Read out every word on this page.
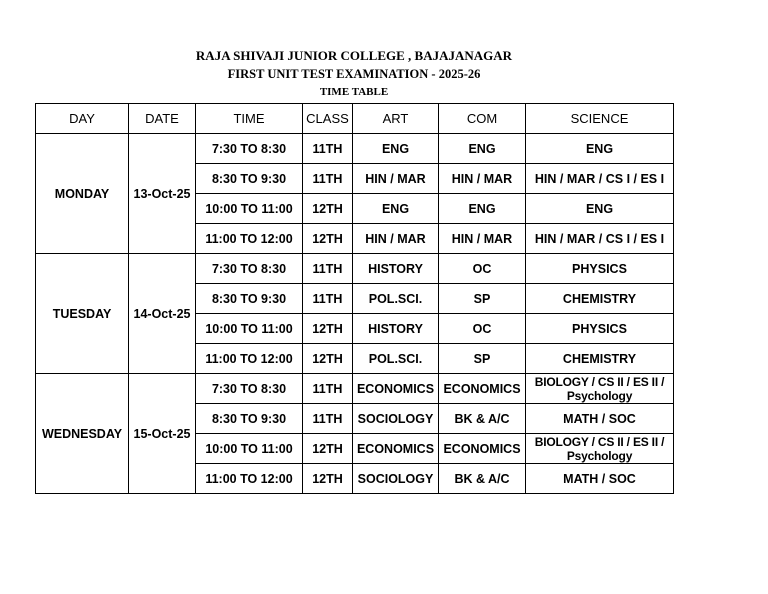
RAJA SHIVAJI JUNIOR COLLEGE , BAJAJANAGAR
FIRST UNIT TEST EXAMINATION - 2025-26
TIME TABLE
DAY	DATE	TIME	CLASS	ART	COM	SCIENCE
MONDAY	13-Oct-25	7:30 TO 8:30	11TH	ENG	ENG	ENG
		8:30 TO 9:30	11TH	HIN / MAR	HIN / MAR	HIN / MAR / CS I / ES I
		10:00 TO 11:00	12TH	ENG	ENG	ENG
		11:00 TO 12:00	12TH	HIN / MAR	HIN / MAR	HIN / MAR / CS I / ES I
TUESDAY	14-Oct-25	7:30 TO 8:30	11TH	HISTORY	OC	PHYSICS
		8:30 TO 9:30	11TH	POL.SCI.	SP	CHEMISTRY
		10:00 TO 11:00	12TH	HISTORY	OC	PHYSICS
		11:00 TO 12:00	12TH	POL.SCI.	SP	CHEMISTRY
WEDNESDAY	15-Oct-25	7:30 TO 8:30	11TH	ECONOMICS	ECONOMICS	BIOLOGY / CS II / ES II / Psychology
		8:30 TO 9:30	11TH	SOCIOLOGY	BK & A/C	MATH / SOC
		10:00 TO 11:00	12TH	ECONOMICS	ECONOMICS	BIOLOGY / CS II / ES II / Psychology
		11:00 TO 12:00	12TH	SOCIOLOGY	BK & A/C	MATH / SOC
